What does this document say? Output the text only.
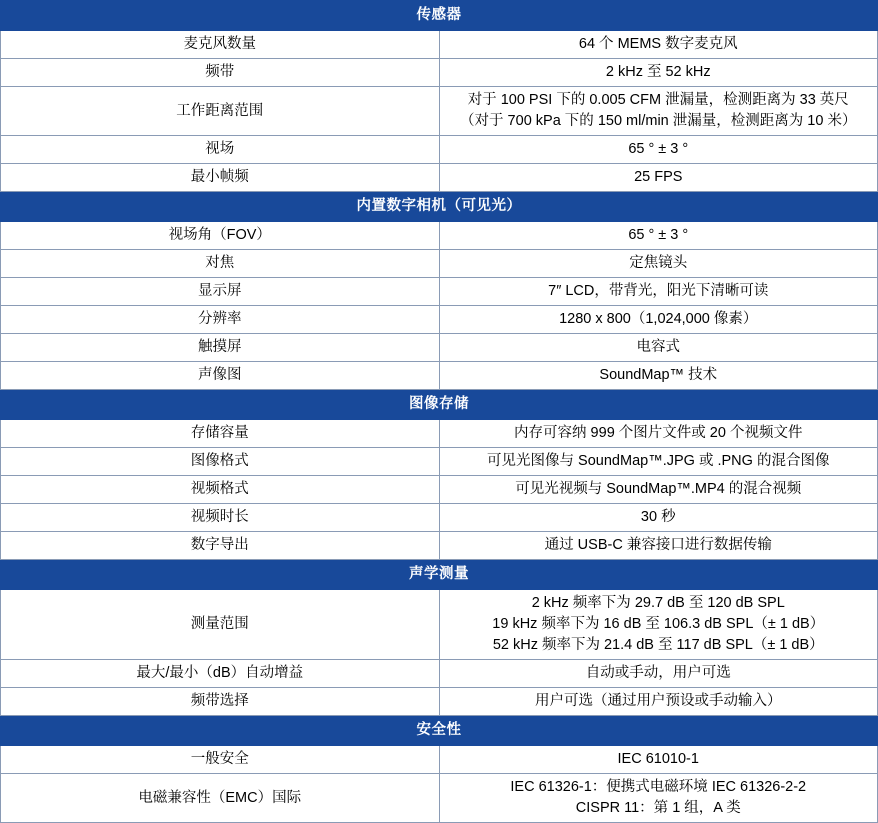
传感器	
麦克风数量	64 个 MEMS 数字麦克风

频带	2 kHz 至 52 kHz

工作距离范围	对于 100 PSI 下的 0.005 CFM 泄漏量，检测距离为 33 英尺
（对于 700 kPa 下的 150 ml/min 泄漏量，检测距离为 10 米）

视场	65 ° ± 3 °

最小帧频	25 FPS

内置数字相机（可见光）	
视场角（FOV）	65 ° ± 3 °

对焦	定焦镜头

显示屏	7″ LCD，带背光，阳光下清晰可读

分辨率	1280 x 800（1,024,000 像素）

触摸屏	电容式

声像图	SoundMap™ 技术

图像存储	
存储容量	内存可容纳 999 个图片文件或 20 个视频文件

图像格式	可见光图像与 SoundMap™.JPG 或 .PNG 的混合图像

视频格式	可见光视频与 SoundMap™.MP4 的混合视频

视频时长	30 秒

数字导出	通过 USB-C 兼容接口进行数据传输

声学测量	
测量范围	2 kHz 频率下为 29.7 dB 至 120 dB SPL
19 kHz 频率下为 16 dB 至 106.3 dB SPL（± 1 dB）
52 kHz 频率下为 21.4 dB 至 117 dB SPL（± 1 dB）

最大/最小（dB）自动增益	自动或手动，用户可选

频带选择	用户可选（通过用户预设或手动输入）

安全性	
一般安全	IEC 61010-1

电磁兼容性（EMC）国际	IEC 61326-1：便携式电磁环境 IEC 61326-2-2
CISPR 11：第 1 组，A 类
